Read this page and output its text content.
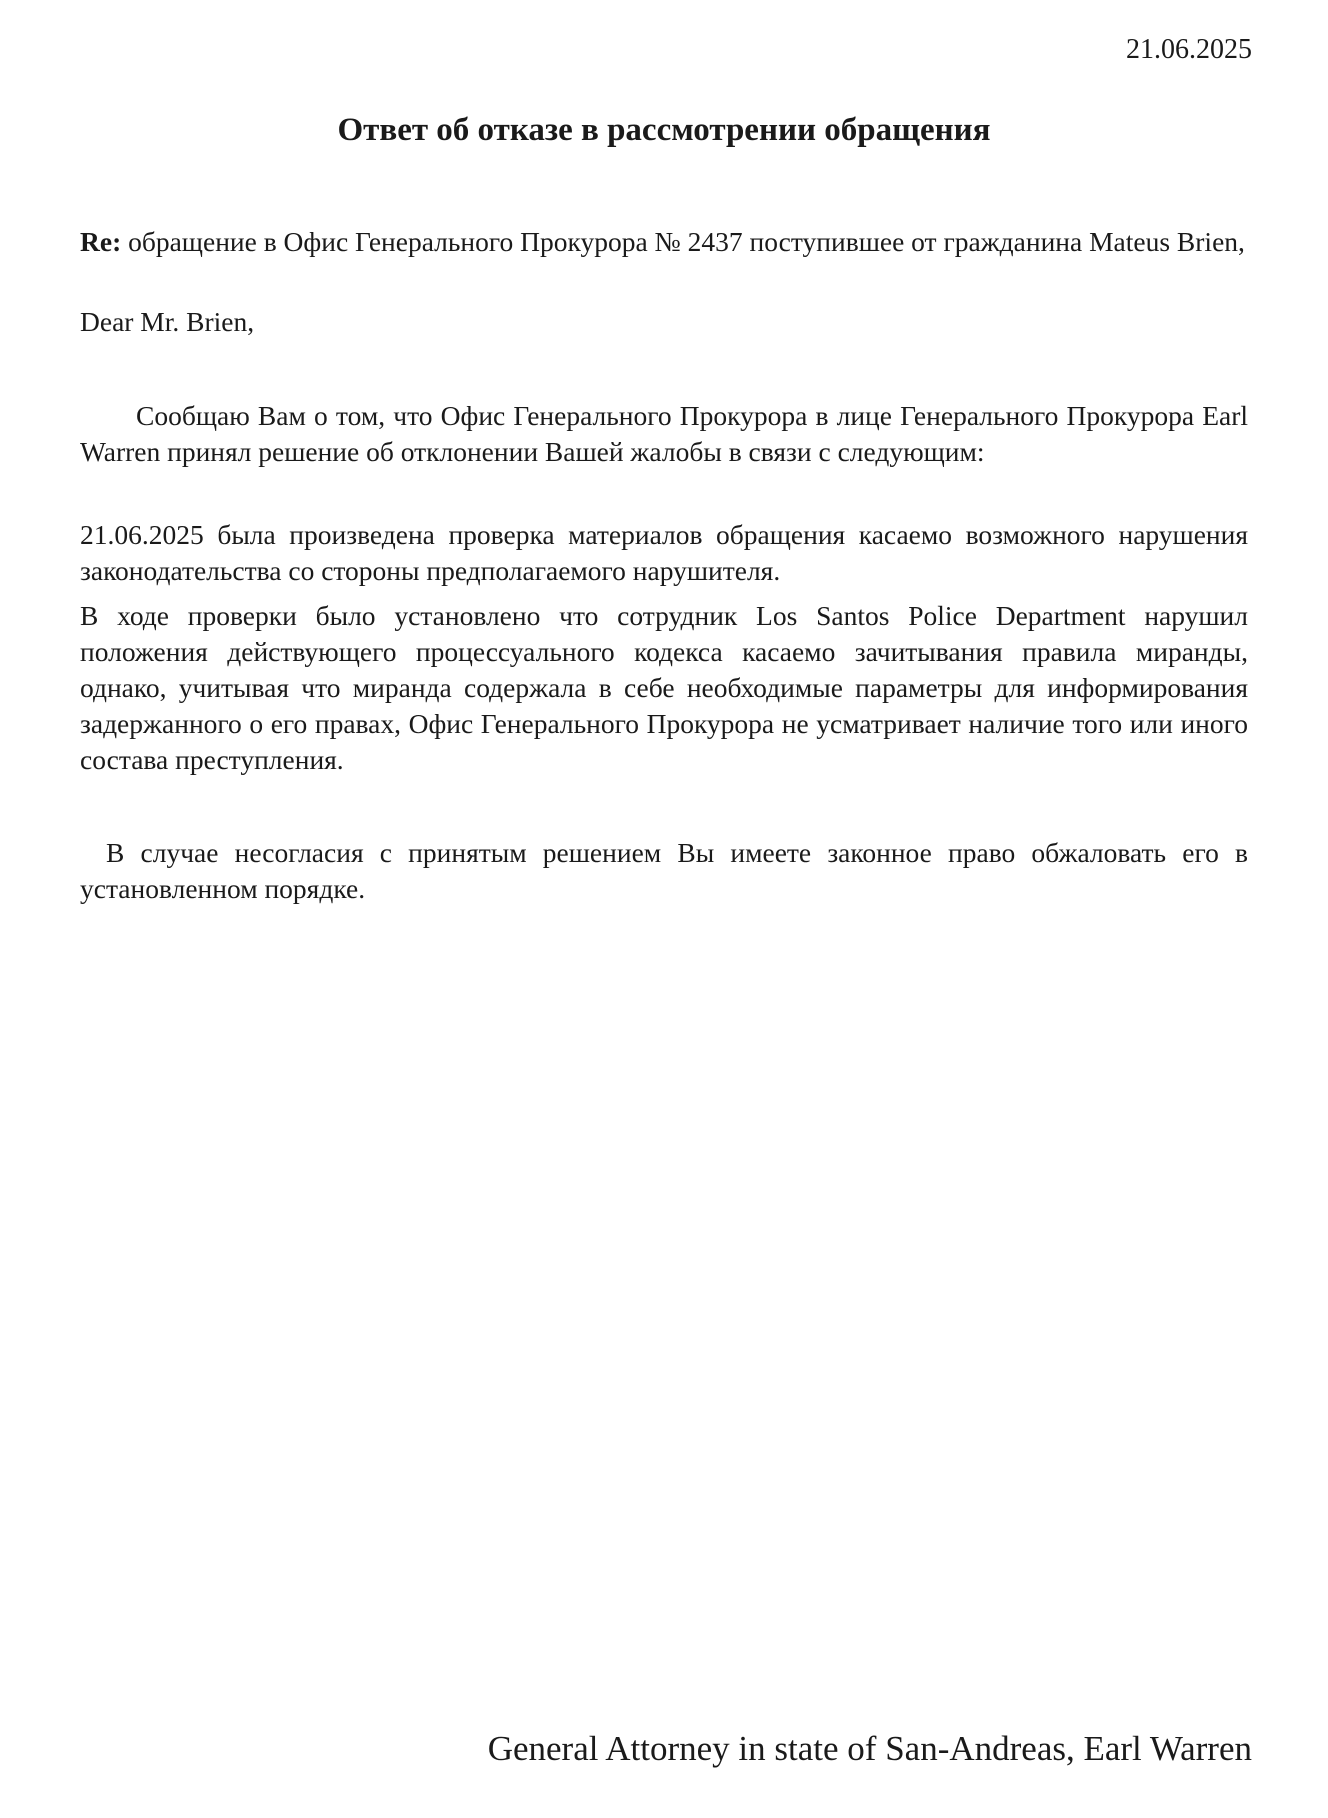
21.06.2025
Ответ об отказе в рассмотрении обращения
Re: обращение в Офис Генерального Прокурора № 2437 поступившее от гражданина Mateus Brien,
Dear Mr. Brien,
Сообщаю Вам о том, что Офис Генерального Прокурора в лице Генерального Прокурора Earl Warren принял решение об отклонении Вашей жалобы в связи с следующим:
21.06.2025 была произведена проверка материалов обращения касаемо возможного нарушения законодательства со стороны предполагаемого нарушителя.
В ходе проверки было установлено что сотрудник Los Santos Police Department нарушил положения действующего процессуального кодекса касаемо зачитывания правила миранды, однако, учитывая что миранда содержала в себе необходимые параметры для информирования задержанного о его правах, Офис Генерального Прокурора не усматривает наличие того или иного состава преступления.
В случае несогласия с принятым решением Вы имеете законное право обжаловать его в установленном порядке.
General Attorney in state of San-Andreas, Earl Warren
